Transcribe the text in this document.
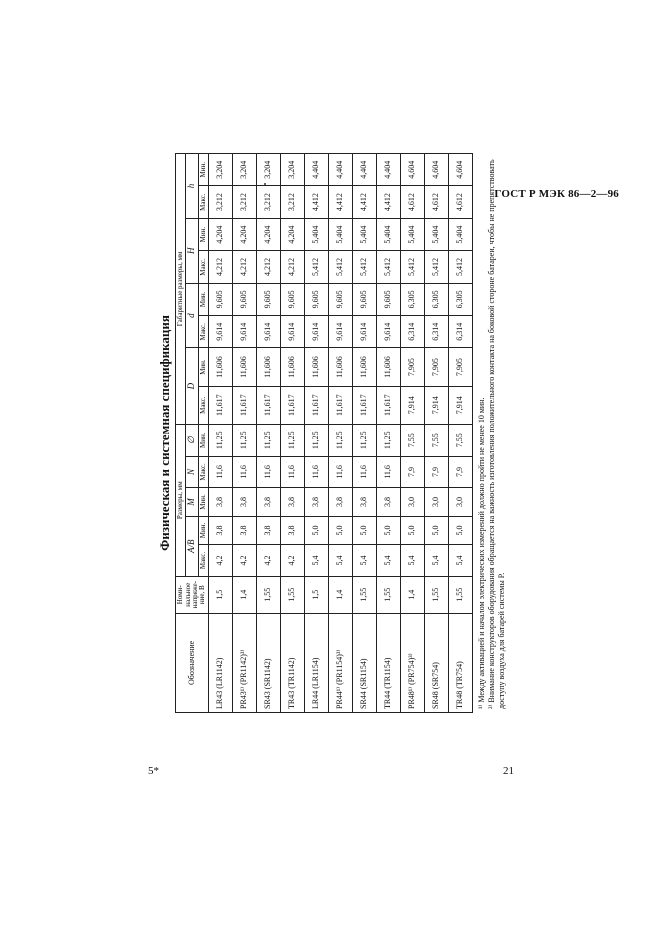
ГОСТ Р МЭК 86—2—96
5*	21
Физическая и системная спецификация
Обозначение	Номи-нальное напряже-ние, В	Размеры, мм					Габаритные размеры, мм							
		A/B		M	N	∅	D		d		H		h	
		Макс.	Мин.	Мин.	Макс.	Мин.	Макс.	Мин.	Макс.	Мин.	Макс.	Мин.	Макс.	Мин.
LR43 (LR1142)	1,5	4,2	3,8	3,8	11,6	11,25	11,617	11,606	9,614	9,605	4,212	4,204	3,212	3,204
PR43¹⁾ (PR1142)³⁾	1,4	4,2	3,8	3,8	11,6	11,25	11,617	11,606	9,614	9,605	4,212	4,204	3,212	3,204
SR43 (SR1142)	1,55	4,2	3,8	3,8	11,6	11,25	11,617	11,606	9,614	9,605	4,212	4,204	3,212	3,204
TR43 (TR1142)	1,55	4,2	3,8	3,8	11,6	11,25	11,617	11,606	9,614	9,605	4,212	4,204	3,212	3,204
LR44 (LR1154)	1,5	5,4	5,0	3,8	11,6	11,25	11,617	11,606	9,614	9,605	5,412	5,404	4,412	4,404
PR44¹⁾ (PR1154)³⁾	1,4	5,4	5,0	3,8	11,6	11,25	11,617	11,606	9,614	9,605	5,412	5,404	4,412	4,404
SR44 (SR1154)	1,55	5,4	5,0	3,8	11,6	11,25	11,617	11,606	9,614	9,605	5,412	5,404	4,412	4,404
TR44 (TR1154)	1,55	5,4	5,0	3,8	11,6	11,25	11,617	11,606	9,614	9,605	5,412	5,404	4,412	4,404
PR48¹⁾ (PR754)³⁾	1,4	5,4	5,0	3,0	7,9	7,55	7,914	7,905	6,314	6,305	5,412	5,404	4,612	4,604
SR48 (SR754)	1,55	5,4	5,0	3,0	7,9	7,55	7,914	7,905	6,314	6,305	5,412	5,404	4,612	4,604
TR48 (TR754)	1,55	5,4	5,0	3,0	7,9	7,55	7,914	7,905	6,314	6,305	5,412	5,404	4,612	4,604
¹⁾ Между активацией и началом электрических измерений должно пройти не менее 10 мин. ²⁾ Внимание конструкторов оборудования обращается на важность изготовления положительного контакта на боковой стороне батареи, чтобы не препятствовать доступу воздуха для батарей системы P.
